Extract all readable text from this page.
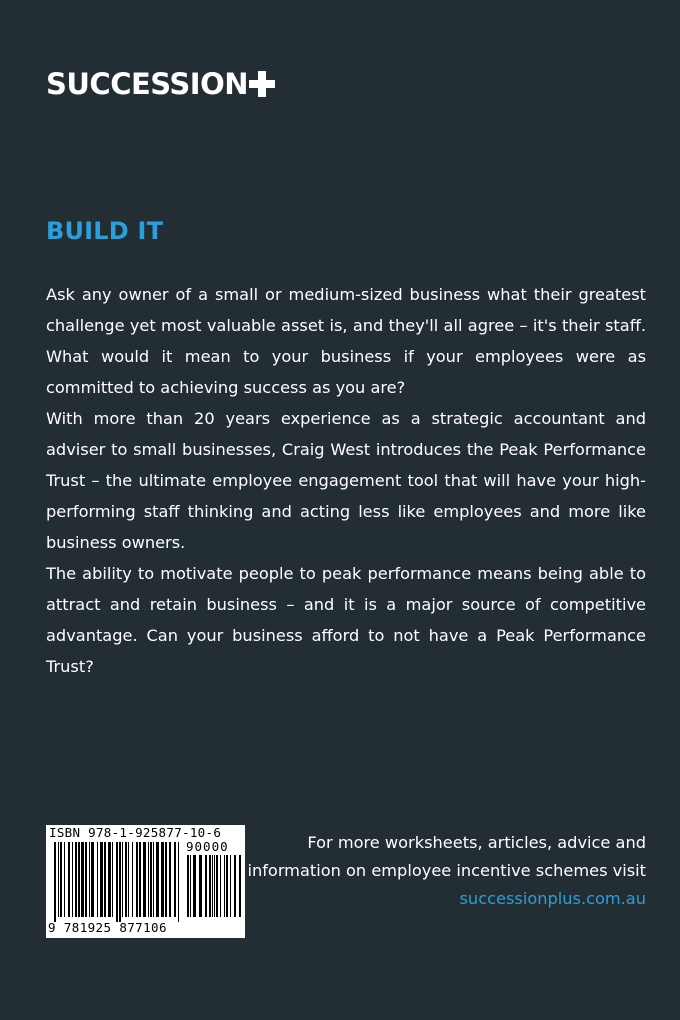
SUCCESSION
BUILD IT

Ask any owner of a small or medium-sized business what their greatest challenge yet most valuable asset is, and they'll all agree – it's their staff. What would it mean to your business if your employees were as committed to achieving success as you are?

With more than 20 years experience as a strategic accountant and adviser to small businesses, Craig West introduces the Peak Performance Trust – the ultimate employee engagement tool that will have your high-performing staff thinking and acting less like employees and more like business owners.

The ability to motivate people to peak performance means being able to attract and retain business – and it is a major source of competitive advantage. Can your business afford to not have a Peak Performance Trust?

ISBN 978-1-925877-10-6
90000
9 781925 877106
For more worksheets, articles, advice and
information on employee incentive schemes visit
successionplus.com.au
